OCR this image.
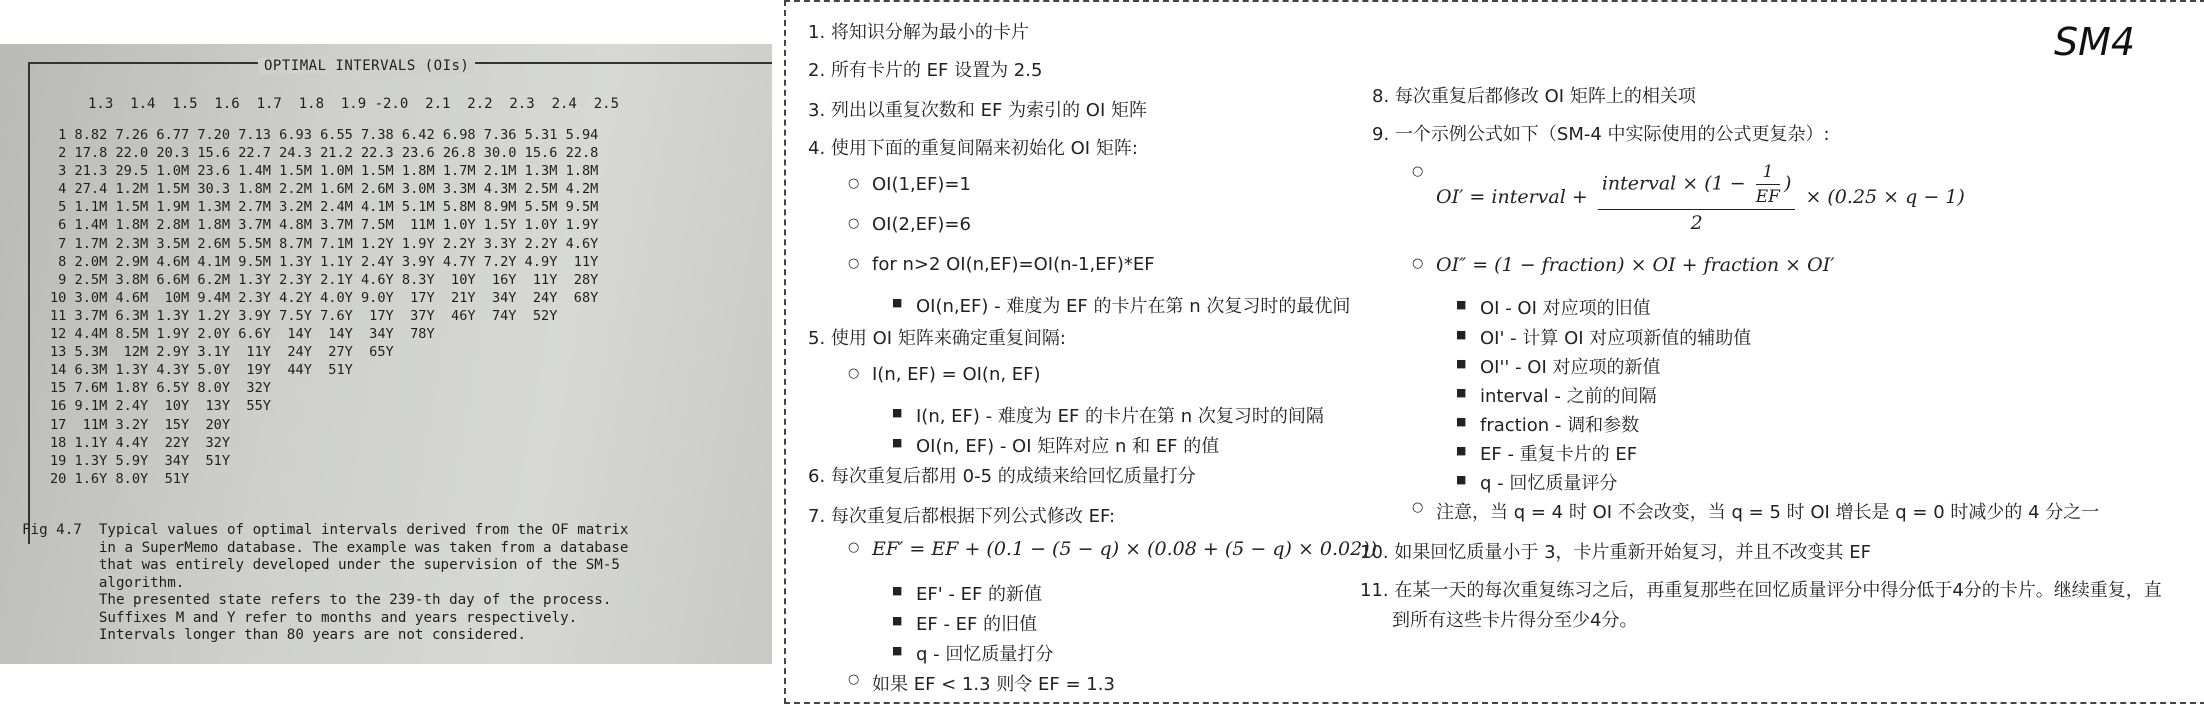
OPTIMAL INTERVALS (OIs)
1.3  1.4  1.5  1.6  1.7  1.8  1.9 -2.0  2.1  2.2  2.3  2.4  2.5
1 8.82 7.26 6.77 7.20 7.13 6.93 6.55 7.38 6.42 6.98 7.36 5.31 5.94
2 17.8 22.0 20.3 15.6 22.7 24.3 21.2 22.3 23.6 26.8 30.0 15.6 22.8
3 21.3 29.5 1.0M 23.6 1.4M 1.5M 1.0M 1.5M 1.8M 1.7M 2.1M 1.3M 1.8M
4 27.4 1.2M 1.5M 30.3 1.8M 2.2M 1.6M 2.6M 3.0M 3.3M 4.3M 2.5M 4.2M
5 1.1M 1.5M 1.9M 1.3M 2.7M 3.2M 2.4M 4.1M 5.1M 5.8M 8.9M 5.5M 9.5M
6 1.4M 1.8M 2.8M 1.8M 3.7M 4.8M 3.7M 7.5M  11M 1.0Y 1.5Y 1.0Y 1.9Y
7 1.7M 2.3M 3.5M 2.6M 5.5M 8.7M 7.1M 1.2Y 1.9Y 2.2Y 3.3Y 2.2Y 4.6Y
8 2.0M 2.9M 4.6M 4.1M 9.5M 1.3Y 1.1Y 2.4Y 3.9Y 4.7Y 7.2Y 4.9Y  11Y
9 2.5M 3.8M 6.6M 6.2M 1.3Y 2.3Y 2.1Y 4.6Y 8.3Y  10Y  16Y  11Y  28Y
10 3.0M 4.6M  10M 9.4M 2.3Y 4.2Y 4.0Y 9.0Y  17Y  21Y  34Y  24Y  68Y
11 3.7M 6.3M 1.3Y 1.2Y 3.9Y 7.5Y 7.6Y  17Y  37Y  46Y  74Y  52Y
12 4.4M 8.5M 1.9Y 2.0Y 6.6Y  14Y  14Y  34Y  78Y
13 5.3M  12M 2.9Y 3.1Y  11Y  24Y  27Y  65Y
14 6.3M 1.3Y 4.3Y 5.0Y  19Y  44Y  51Y
15 7.6M 1.8Y 6.5Y 8.0Y  32Y
16 9.1M 2.4Y  10Y  13Y  55Y
17  11M 3.2Y  15Y  20Y
18 1.1Y 4.4Y  22Y  32Y
19 1.3Y 5.9Y  34Y  51Y
20 1.6Y 8.0Y  51Y
Fig 4.7  Typical values of optimal intervals derived from the OF matrix
in a SuperMemo database. The example was taken from a database
that was entirely developed under the supervision of the SM-5
algorithm.
The presented state refers to the 239-th day of the process.
Suffixes M and Y refer to months and years respectively.
Intervals longer than 80 years are not considered.
SM4
1. 将知识分解为最小的卡片
2. 所有卡片的 EF 设置为 2.5
3. 列出以重复次数和 EF 为索引的 OI 矩阵
4. 使用下面的重复间隔来初始化 OI 矩阵:
○ OI(1,EF)=1
○ OI(2,EF)=6
○ for n>2 OI(n,EF)=OI(n-1,EF)*EF
■ OI(n,EF) - 难度为 EF 的卡片在第 n 次复习时的最优间
5. 使用 OI 矩阵来确定重复间隔:
○ I(n, EF) = OI(n, EF)
■ I(n, EF) - 难度为 EF 的卡片在第 n 次复习时的间隔
■ OI(n, EF) - OI 矩阵对应 n 和 EF 的值
6. 每次重复后都用 0-5 的成绩来给回忆质量打分
7. 每次重复后都根据下列公式修改 EF:
○ EF′ = EF + (0.1 − (5 − q) × (0.08 + (5 − q) × 0.02))
■ EF' - EF 的新值
■ EF - EF 的旧值
■ q - 回忆质量打分
○ 如果 EF < 1.3 则令 EF = 1.3
8. 每次重复后都修改 OI 矩阵上的相关项
9. 一个示例公式如下（SM-4 中实际使用的公式更复杂）:
○ OI′ = interval + $\frac{interval \times (1 - \frac{1}{EF} )}{2} \times (0.25 \times q - 1)$
○ OI″ = (1 − fraction) × OI + fraction × OI′
■ OI - OI 对应项的旧值
■ OI' - 计算 OI 对应项新值的辅助值
■ OI'' - OI 对应项的新值
■ interval - 之前的间隔
■ fraction - 调和参数
■ EF - 重复卡片的 EF
■ q - 回忆质量评分
○ 注意，当 q = 4 时 OI 不会改变，当 q = 5 时 OI 增长是 q = 0 时减少的 4 分之一
10. 如果回忆质量小于 3，卡片重新开始复习，并且不改变其 EF
11. 在某一天的每次重复练习之后，再重复那些在回忆质量评分中得分低于4分的卡片。继续重复，直
到所有这些卡片得分至少4分。
